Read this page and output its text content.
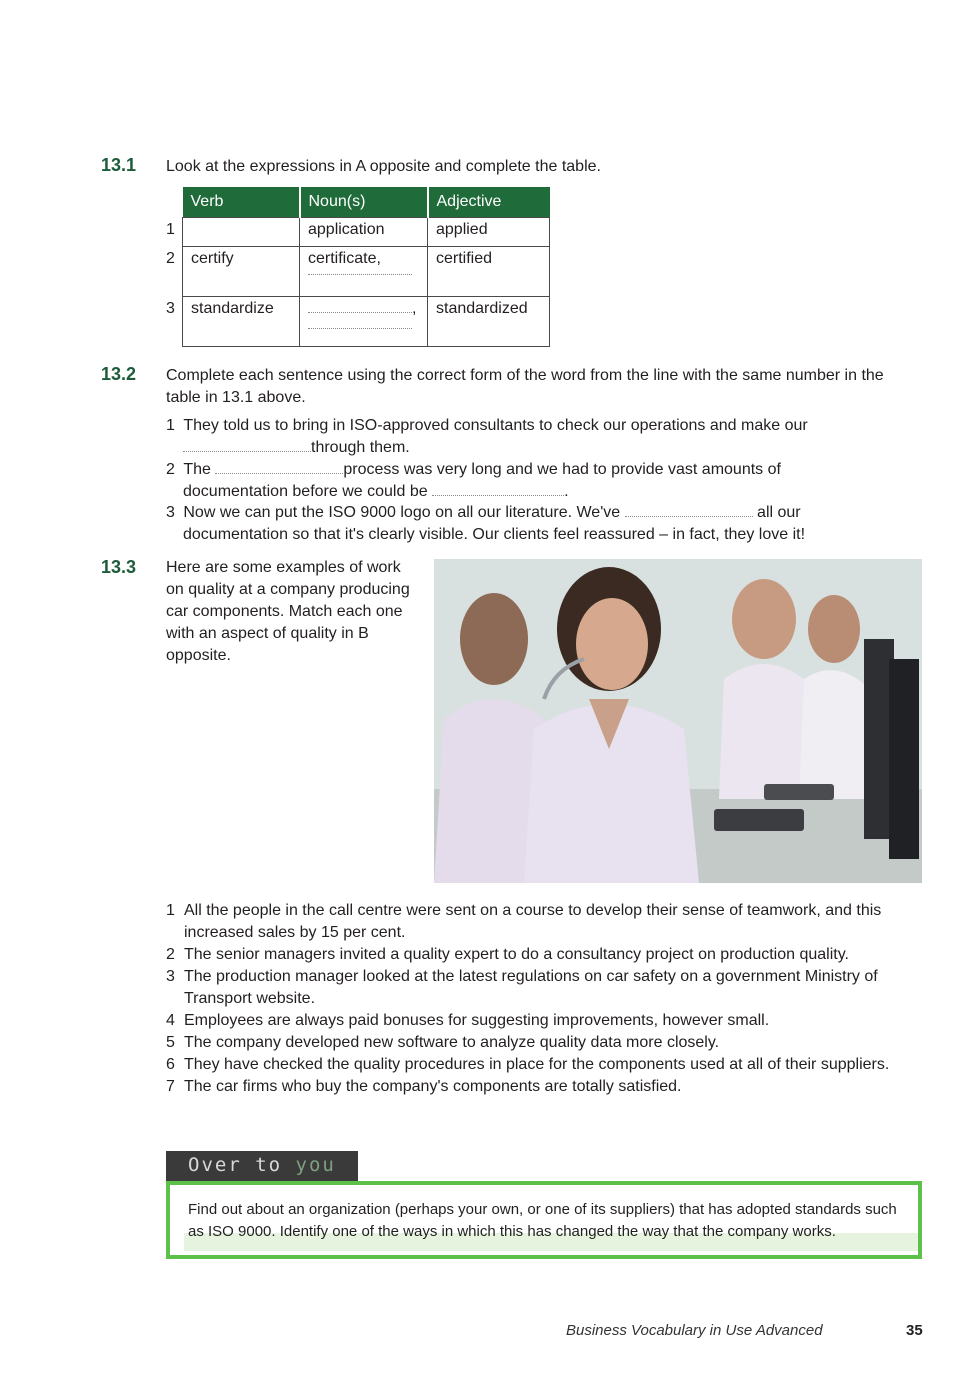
13.1 Look at the expressions in A opposite and complete the table.
1
2
3
Verb	Noun(s)	Adjective
	application	applied
certify	certificate,	certified
standardize	,	standardized
13.2 Complete each sentence using the correct form of the word from the line with the same number in the table in 13.1 above.
1 They told us to bring in ISO-approved consultants to check our operations and make our
through them.
2 The	process was very long and we had to provide vast amounts of
documentation before we could be	.
3 Now we can put the ISO 9000 logo on all our literature. We've	all our
documentation so that it's clearly visible. Our clients feel reassured – in fact, they love it!
13.3 Here are some examples of work on quality at a company producing car components. Match each one with an aspect of quality in B opposite.
1 All the people in the call centre were sent on a course to develop their sense of teamwork, and this increased sales by 15 per cent.
2 The senior managers invited a quality expert to do a consultancy project on production quality.
3 The production manager looked at the latest regulations on car safety on a government Ministry of Transport website.
4 Employees are always paid bonuses for suggesting improvements, however small.
5 The company developed new software to analyze quality data more closely.
6 They have checked the quality procedures in place for the components used at all of their suppliers.
7 The car firms who buy the company's components are totally satisfied.
Over to you

Find out about an organization (perhaps your own, or one of its suppliers) that has adopted standards such as ISO 9000. Identify one of the ways in which this has changed the way that the company works.

Business Vocabulary in Use Advanced	35
